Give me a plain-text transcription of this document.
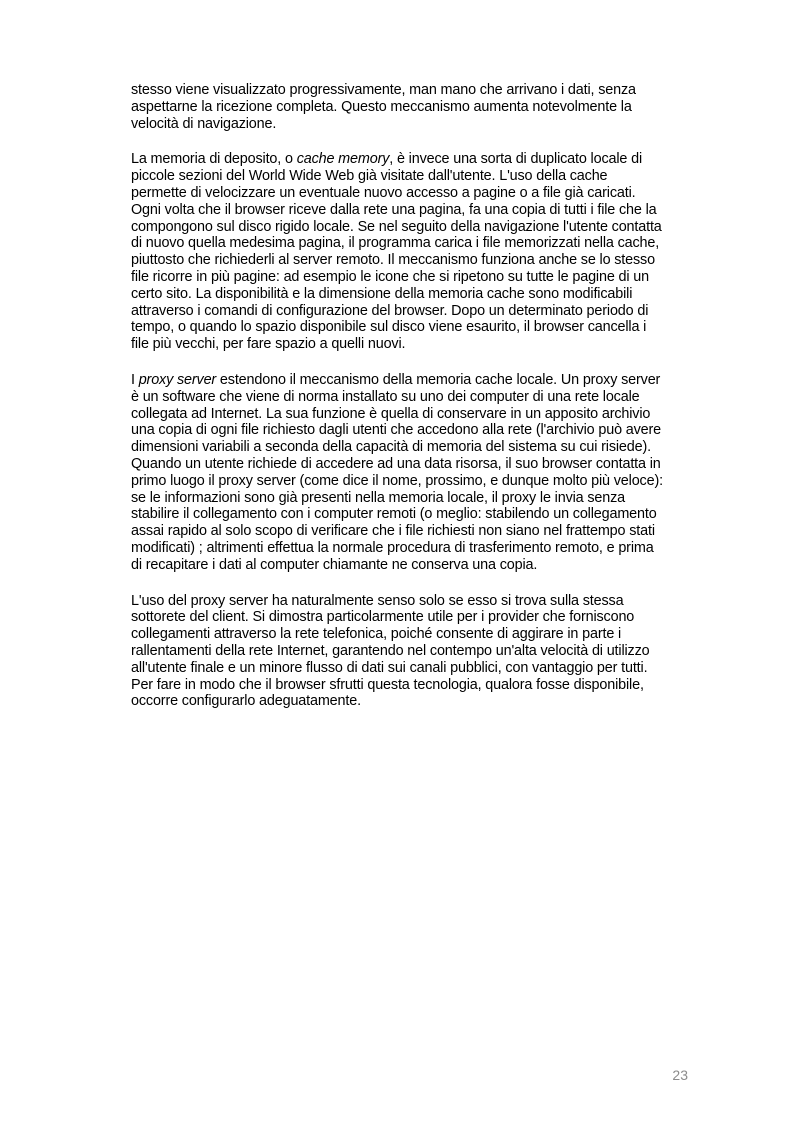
stesso viene visualizzato progressivamente, man mano che arrivano i dati, senza
aspettarne la ricezione completa. Questo meccanismo aumenta notevolmente la
velocità di navigazione.

La memoria di deposito, o cache memory, è invece una sorta di duplicato locale di
piccole sezioni del World Wide Web già visitate dall'utente. L'uso della cache
permette di velocizzare un eventuale nuovo accesso a pagine o a file già caricati.
Ogni volta che il browser riceve dalla rete una pagina, fa una copia di tutti i file che la
compongono sul disco rigido locale. Se nel seguito della navigazione l'utente contatta
di nuovo quella medesima pagina, il programma carica i file memorizzati nella cache,
piuttosto che richiederli al server remoto. Il meccanismo funziona anche se lo stesso
file ricorre in più pagine: ad esempio le icone che si ripetono su tutte le pagine di un
certo sito. La disponibilità e la dimensione della memoria cache sono modificabili
attraverso i comandi di configurazione del browser. Dopo un determinato periodo di
tempo, o quando lo spazio disponibile sul disco viene esaurito, il browser cancella i
file più vecchi, per fare spazio a quelli nuovi.

I proxy server estendono il meccanismo della memoria cache locale. Un proxy server
è un software che viene di norma installato su uno dei computer di una rete locale
collegata ad Internet. La sua funzione è quella di conservare in un apposito archivio
una copia di ogni file richiesto dagli utenti che accedono alla rete (l'archivio può avere
dimensioni variabili a seconda della capacità di memoria del sistema su cui risiede).
Quando un utente richiede di accedere ad una data risorsa, il suo browser contatta in
primo luogo il proxy server (come dice il nome, prossimo, e dunque molto più veloce):
se le informazioni sono già presenti nella memoria locale, il proxy le invia senza
stabilire il collegamento con i computer remoti (o meglio: stabilendo un collegamento
assai rapido al solo scopo di verificare che i file richiesti non siano nel frattempo stati
modificati) ; altrimenti effettua la normale procedura di trasferimento remoto, e prima
di recapitare i dati al computer chiamante ne conserva una copia.

L'uso del proxy server ha naturalmente senso solo se esso si trova sulla stessa
sottorete del client. Si dimostra particolarmente utile per i provider che forniscono
collegamenti attraverso la rete telefonica, poiché consente di aggirare in parte i
rallentamenti della rete Internet, garantendo nel contempo un'alta velocità di utilizzo
all'utente finale e un minore flusso di dati sui canali pubblici, con vantaggio per tutti.
Per fare in modo che il browser sfrutti questa tecnologia, qualora fosse disponibile,
occorre configurarlo adeguatamente.

23
